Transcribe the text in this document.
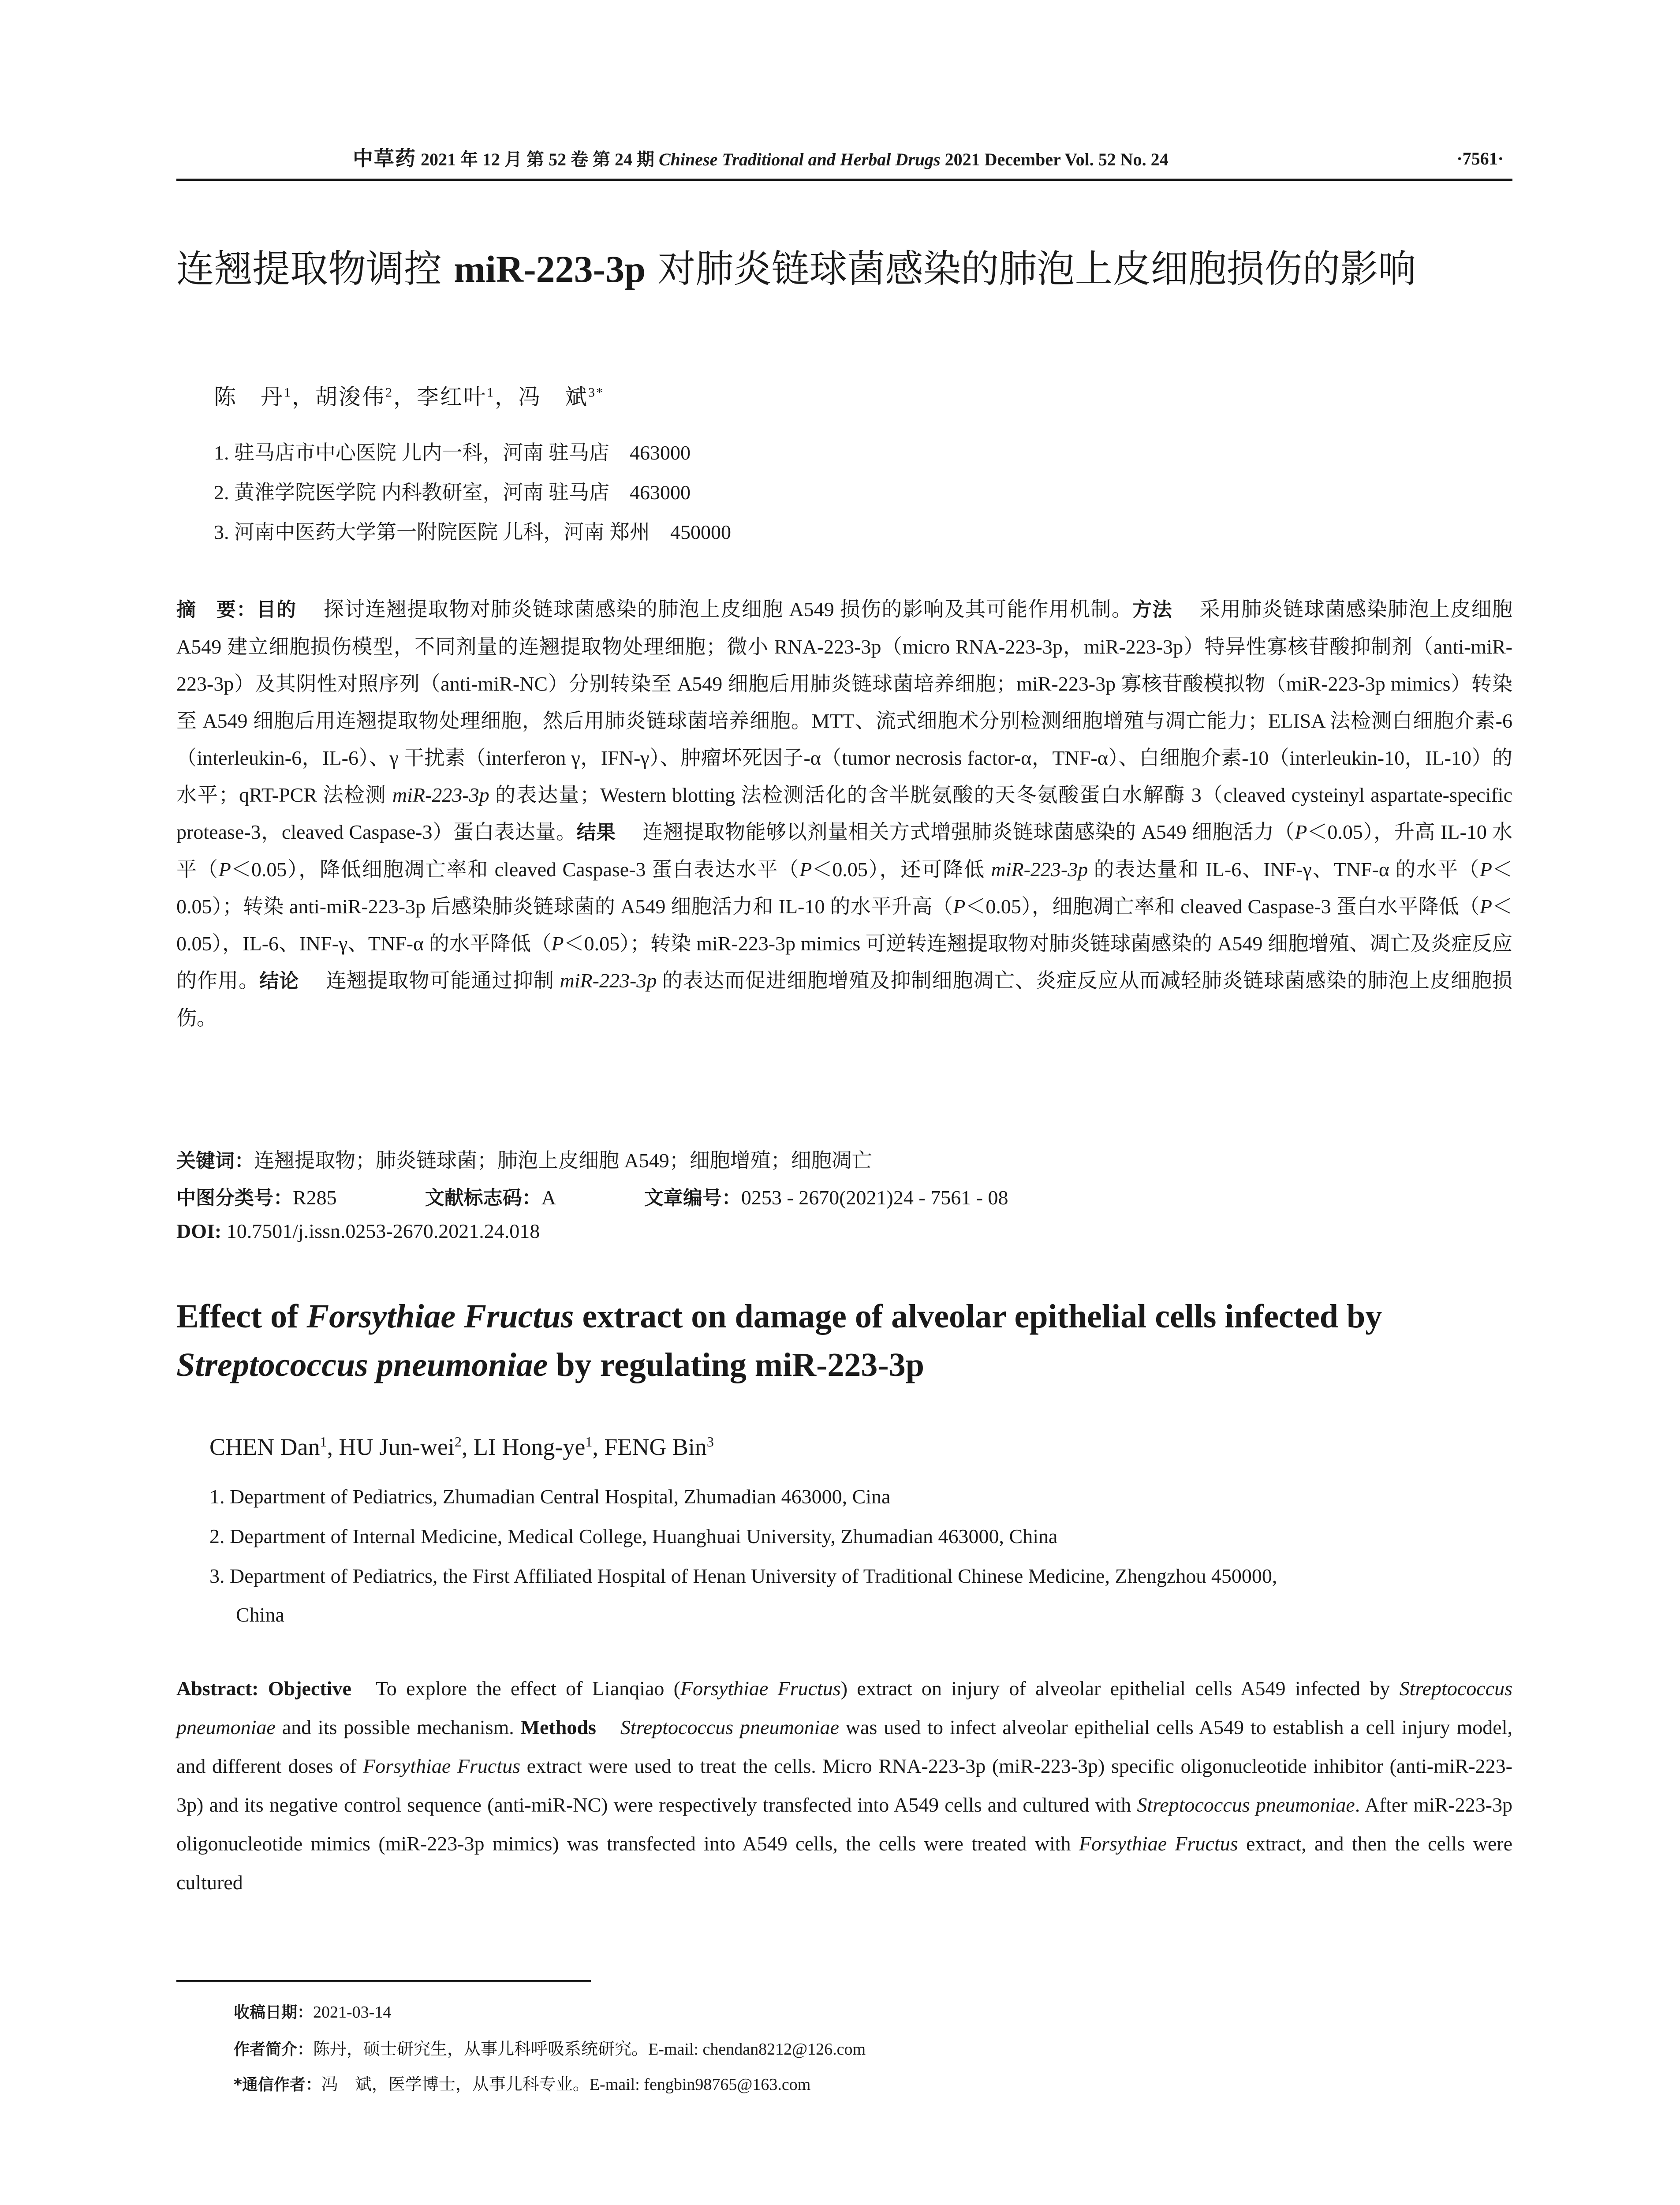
中草药 2021 年 12 月 第 52 卷 第 24 期 Chinese Traditional and Herbal Drugs 2021 December Vol. 52 No. 24	·7561·
连翘提取物调控 miR-223-3p 对肺炎链球菌感染的肺泡上皮细胞损伤的影响
陈　丹$^1$，胡浚伟$^2$，李红叶$^1$，冯　斌$^{3*}$
1. 驻马店市中心医院 儿内一科，河南 驻马店　463000
2. 黄淮学院医学院 内科教研室，河南 驻马店　463000
3. 河南中医药大学第一附院医院 儿科，河南 郑州　450000
摘　要：目的 探讨连翘提取物对肺炎链球菌感染的肺泡上皮细胞 A549 损伤的影响及其可能作用机制。方法 采用肺炎链球菌感染肺泡上皮细胞 A549 建立细胞损伤模型，不同剂量的连翘提取物处理细胞；微小 RNA-223-3p（micro RNA-223-3p，miR-223-3p）特异性寡核苷酸抑制剂（anti-miR-223-3p）及其阴性对照序列（anti-miR-NC）分别转染至 A549 细胞后用肺炎链球菌培养细胞；miR-223-3p 寡核苷酸模拟物（miR-223-3p mimics）转染至 A549 细胞后用连翘提取物处理细胞，然后用肺炎链球菌培养细胞。MTT、流式细胞术分别检测细胞增殖与凋亡能力；ELISA 法检测白细胞介素-6（interleukin-6，IL-6）、γ 干扰素（interferon γ，IFN-γ）、肿瘤坏死因子-α（tumor necrosis factor-α，TNF-α）、白细胞介素-10（interleukin-10，IL-10）的水平；qRT-PCR 法检测 miR-223-3p 的表达量；Western blotting 法检测活化的含半胱氨酸的天冬氨酸蛋白水解酶 3（cleaved cysteinyl aspartate-specific protease-3，cleaved Caspase-3）蛋白表达量。结果 连翘提取物能够以剂量相关方式增强肺炎链球菌感染的 A549 细胞活力（P＜0.05），升高 IL-10 水平（P＜0.05），降低细胞凋亡率和 cleaved Caspase-3 蛋白表达水平（P＜0.05），还可降低 miR-223-3p 的表达量和 IL-6、INF-γ、TNF-α 的水平（P＜0.05）；转染 anti-miR-223-3p 后感染肺炎链球菌的 A549 细胞活力和 IL-10 的水平升高（P＜0.05），细胞凋亡率和 cleaved Caspase-3 蛋白水平降低（P＜0.05），IL-6、INF-γ、TNF-α 的水平降低（P＜0.05）；转染 miR-223-3p mimics 可逆转连翘提取物对肺炎链球菌感染的 A549 细胞增殖、凋亡及炎症反应的作用。结论 连翘提取物可能通过抑制 miR-223-3p 的表达而促进细胞增殖及抑制细胞凋亡、炎症反应从而减轻肺炎链球菌感染的肺泡上皮细胞损伤。
关键词：连翘提取物；肺炎链球菌；肺泡上皮细胞 A549；细胞增殖；细胞凋亡
中图分类号：R285	文献标志码：A	文章编号：0253 - 2670(2021)24 - 7561 - 08
DOI: 10.7501/j.issn.0253-2670.2021.24.018
Effect of Forsythiae Fructus extract on damage of alveolar epithelial cells infected by Streptococcus pneumoniae by regulating miR-223-3p
CHEN Dan$^1$, HU Jun-wei$^2$, LI Hong-$ye^1$, FENG Bin$^3$
1. Department of Pediatrics, Zhumadian Central Hospital, Zhumadian 463000, Cina
2. Department of Internal Medicine, Medical College, Huanghuai University, Zhumadian 463000, China
3. Department of Pediatrics, the First Affiliated Hospital of Henan University of Traditional Chinese Medicine, Zhengzhou 450000,
China
Abstract: Objective To explore the effect of Lianqiao (Forsythiae Fructus) extract on injury of alveolar epithelial cells A549 infected by Streptococcus pneumoniae and its possible mechanism. Methods Streptococcus pneumoniae was used to infect alveolar epithelial cells A549 to establish a cell injury model, and different doses of Forsythiae Fructus extract were used to treat the cells. Micro RNA-223-3p (miR-223-3p) specific oligonucleotide inhibitor (anti-miR-223-3p) and its negative control sequence (anti-miR-NC) were respectively transfected into A549 cells and cultured with Streptococcus pneumoniae. After miR-223-3p oligonucleotide mimics (miR-223-3p mimics) was transfected into A549 cells, the cells were treated with Forsythiae Fructus extract, and then the cells were cultured
收稿日期：2021-03-14
作者简介：陈丹，硕士研究生，从事儿科呼吸系统研究。E-mail: chendan8212@126.com
*通信作者：冯　斌，医学博士，从事儿科专业。E-mail: fengbin98765@163.com
